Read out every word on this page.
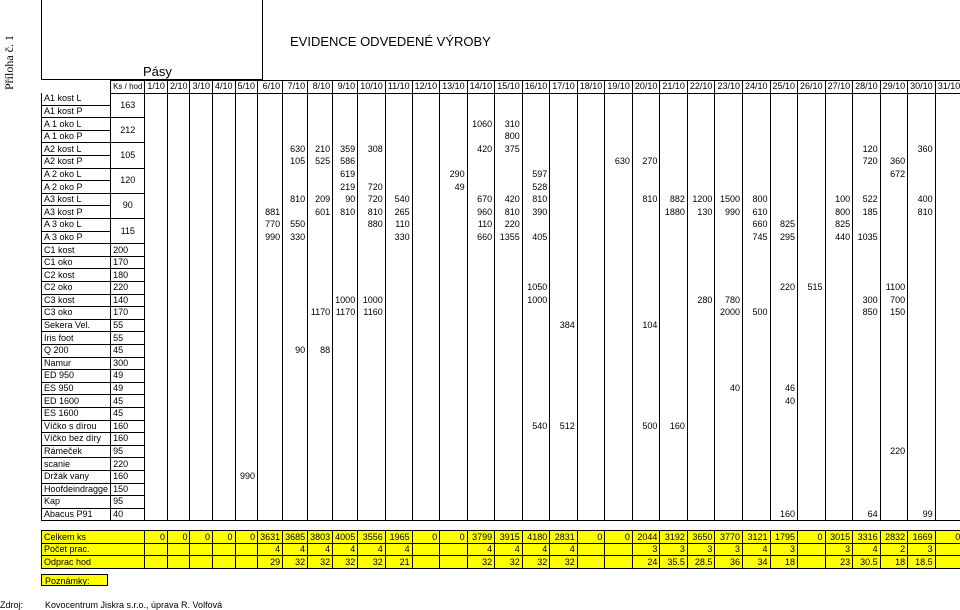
Příloha č. 1	EVIDENCE ODVEDENÉ VÝROBY
Pásy
	Ks / hod	1/10	2/10	3/10	4/10	5/10	6/10	7/10	8/10	9/10	10/10	11/10	12/10	13/10	14/10	15/10	16/10	17/10	18/10	19/10	20/10	21/10	22/10	23/10	24/10	25/10	26/10	27/10	28/10	29/10	30/10	31/10
A1 kost L	163																															
A1 kost P																																
A 1 oko L	212														1060	310																
A 1 oko P																800																
A2 kost L	105							630	210	359	308				420	375													120		360	
A2 kost P								105	525	586										630	270								720	360		
A 2 oko L	120									619				290			597													672		
A 2 oko P										219	720			49			528															
A3 kost L	90							810	209	90	720	540			670	420	810				810	882	1200	1500	800			100	522		400	
A3 kost P							881		601	810	810	265			960	810	390					1880	130	990	610			800	185		810	
A 3 oko L	115						770	550			880	110			110	220									660	825		825				
A 3 oko P							990	330				330			660	1355	405								745	295		440	1035			
C1 kost	200																															
C1 oko	170																															
C2 kost	180																															
C2 oko	220																1050									220	515			1100		
C3 kost	140									1000	1000						1000						280	780					300	700		
C3 oko	170								1170	1170	1160													2000	500				850	150		
Sekera Vel.	55																	384			104											
Iris foot	55																															
Q 200	45							90	88																							
Namur	300																															
ED 950	49																															
ES 950	49																							40		46						
ED 1600	45																									40						
ES 1600	45																															
Víčko s dírou	160																540	512			500	160										
Víčko bez díry	160																															
Rámeček	95																													220		
scanie	220																															
Držák vany	160					990																										
Hoofdeindragge	150																															
Kap	95																															
Abacus P91	40																									160			64		99	

Celkem ks		0	0	0	0	0	3631	3685	3803	4005	3556	1965	0	0	3799	3915	4180	2831	0	0	2044	3192	3650	3770	3121	1795	0	3015	3316	2832	1669	0
Počet prac.							4	4	4	4	4	4			4	4	4	4			3	3	3	3	4	3		3	4	2	3	
Odprac hod							29	32	32	32	32	21			32	32	32	32			24	35.5	28.5	36	34	18		23	30.5	18	18.5	
Poznámky:
Zdroj: Kovocentrum Jiskra s.r.o., úprava R. Volfová
